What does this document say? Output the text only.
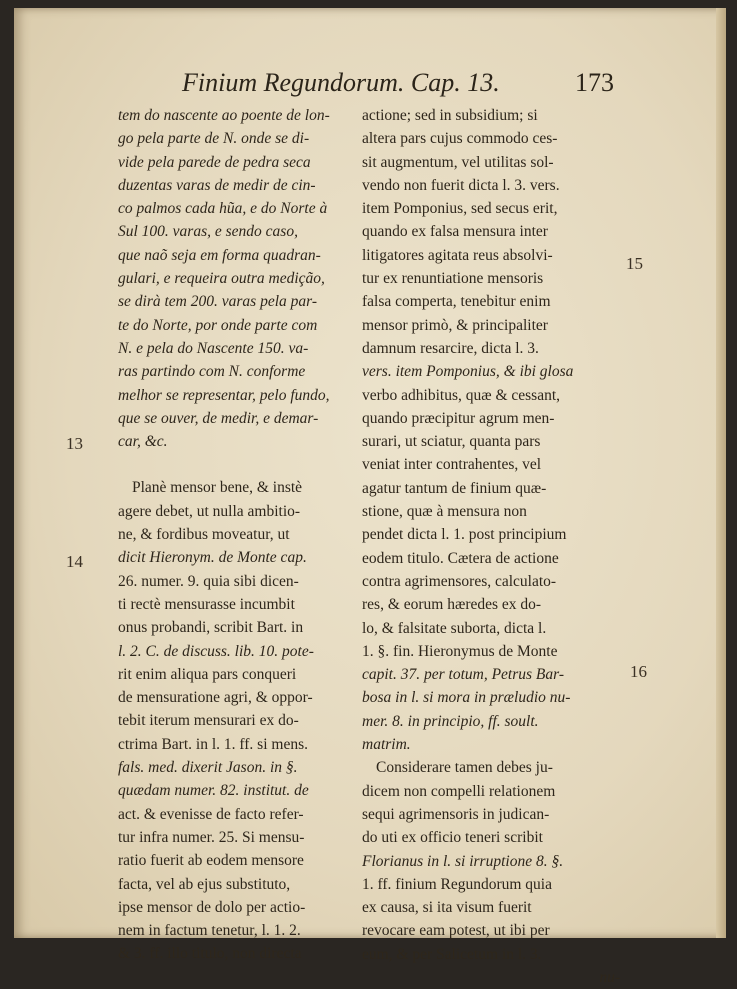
Finium Regundorum. Cap. 13.	173
13
14
15
16
tem do nascente ao poente de lon-
go pela parte de N. onde se di-
vide pela parede de pedra seca
duzentas varas de medir de cin-
co palmos cada hũa, e do Norte à
Sul 100. varas, e sendo caso,
que naõ seja em forma quadran-
gulari, e requeira outra medição,
se dirà tem 200. varas pela par-
te do Norte, por onde parte com
N. e pela do Nascente 150. va-
ras partindo com N. conforme
melhor se representar, pelo fundo,
que se ouver, de medir, e demar-
car, &c.
Planè mensor bene, & instè
agere debet, ut nulla ambitio-
ne, & fordibus moveatur, ut
dicit Hieronym. de Monte cap.
26. numer. 9. quia sibi dicen-
ti rectè mensurasse incumbit
onus probandi, scribit Bart. in
l. 2. C. de discuss. lib. 10. pote-
rit enim aliqua pars conqueri
de mensuratione agri, & oppor-
tebit iterum mensurari ex do-
ctrima Bart. in l. 1. ff. si mens.
fals. med. dixerit Jason. in §.
quædam numer. 82. institut. de
act. & evenisse de facto refer-
tur infra numer. 25. Si mensu-
ratio fuerit ab eodem mensore
facta, vel ab ejus substituto,
ipse mensor de dolo per actio-
nem in factum tenetur, l. 1. 2.
& 3. ff. illo titulo, non directa
actione; sed in subsidium; si
altera pars cujus commodo ces-
sit augmentum, vel utilitas sol-
vendo non fuerit dicta l. 3. vers.
item Pomponius, sed secus erit,
quando ex falsa mensura inter
litigatores agitata reus absolvi-
tur ex renuntiatione mensoris
falsa comperta, tenebitur enim
mensor primò, & principaliter
damnum resarcire, dicta l. 3.
vers. item Pomponius, & ibi glosa
verbo adhibitus, quæ & cessant,
quando præcipitur agrum men-
surari, ut sciatur, quanta pars
veniat inter contrahentes, vel
agatur tantum de finium quæ-
stione, quæ à mensura non
pendet dicta l. 1. post principium
eodem titulo. Cætera de actione
contra agrimensores, calculato-
res, & eorum hæredes ex do-
lo, & falsitate suborta, dicta l.
1. §. fin. Hieronymus de Monte
capit. 37. per totum, Petrus Bar-
bosa in l. si mora in præludio nu-
mer. 8. in principio, ff. soult.
matrim.
Considerare tamen debes ju-
dicem non compelli relationem
sequi agrimensoris in judican-
do uti ex officio teneri scribit
Florianus in l. si irruptione 8. §.
1. ff. finium Regundorum quia
ex causa, si ita visum fuerit
revocare eam potest, ut ibi per
eum, & per Salicetum in l. 3.
nu-
